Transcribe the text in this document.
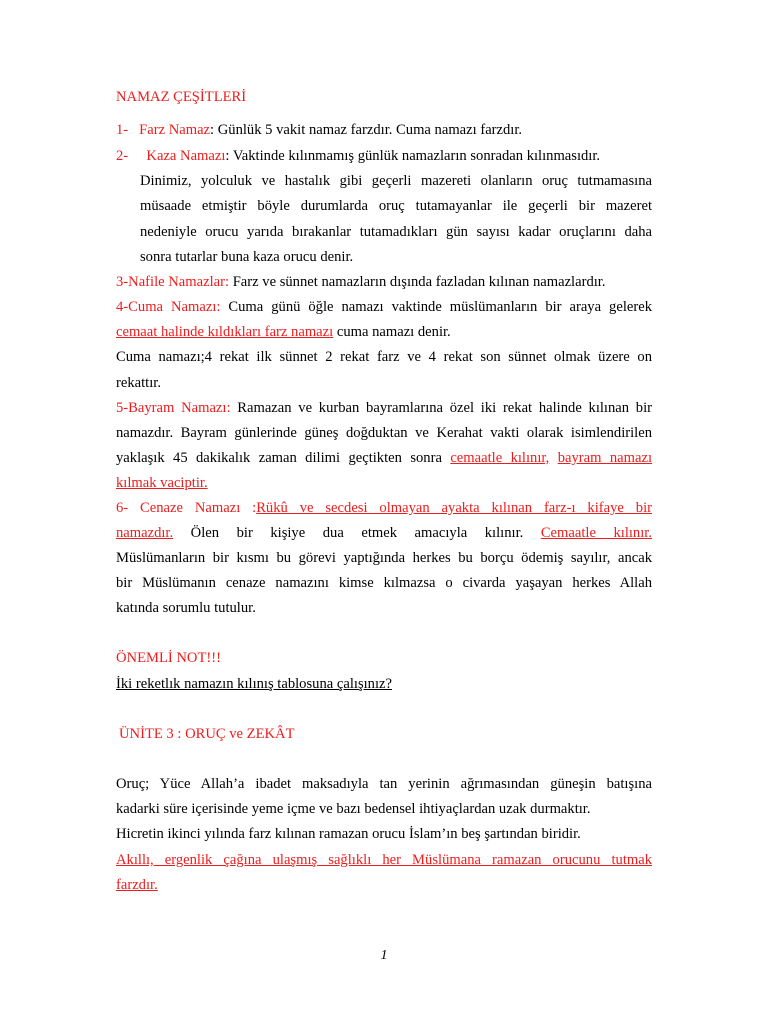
NAMAZ ÇEŞİTLERİ
1- Farz Namaz: Günlük 5 vakit namaz farzdır. Cuma namazı farzdır.
2- Kaza Namazı: Vaktinde kılınmamış günlük namazların sonradan kılınmasıdır.
Dinimiz, yolculuk ve hastalık gibi geçerli mazereti olanların oruç tutmamasına
müsaade etmiştir böyle durumlarda oruç tutamayanlar ile geçerli bir mazeret
nedeniyle orucu yarıda bırakanlar tutamadıkları gün sayısı kadar oruçlarını daha
sonra tutarlar buna kaza orucu denir.
3-Nafile Namazlar: Farz ve sünnet namazların dışında fazladan kılınan namazlardır.
4-Cuma Namazı: Cuma günü öğle namazı vaktinde müslümanların bir araya gelerek
cemaat halinde kıldıkları farz namazı cuma namazı denir.
Cuma namazı;4 rekat ilk sünnet 2 rekat farz ve 4 rekat son sünnet olmak üzere on
rekattır.
5-Bayram Namazı: Ramazan ve kurban bayramlarına özel iki rekat halinde kılınan bir
namazdır. Bayram günlerinde güneş doğduktan ve Kerahat vakti olarak isimlendirilen
yaklaşık 45 dakikalık zaman dilimi geçtikten sonra cemaatle kılınır, bayram namazı
kılmak vaciptir.
6- Cenaze Namazı :Rükû ve secdesi olmayan ayakta kılınan farz-ı kifaye bir
namazdır. Ölen bir kişiye dua etmek amacıyla kılınır. Cemaatle kılınır.
Müslümanların bir kısmı bu görevi yaptığında herkes bu borçu ödemiş sayılır, ancak
bir Müslümanın cenaze namazını kimse kılmazsa o civarda yaşayan herkes Allah
katında sorumlu tutulur.
ÖNEMLİ NOT!!!
İki reketlık namazın kılınış tablosuna çalışınız?
ÜNİTE 3 : ORUÇ ve ZEKÂT
Oruç; Yüce Allah’a ibadet maksadıyla tan yerinin ağrımasından güneşin batışına
kadarki süre içerisinde yeme içme ve bazı bedensel ihtiyaçlardan uzak durmaktır.
Hicretin ikinci yılında farz kılınan ramazan orucu İslam’ın beş şartından biridir.
Akıllı, ergenlik çağına ulaşmış sağlıklı her Müslümana ramazan orucunu tutmak
farzdır.
1
